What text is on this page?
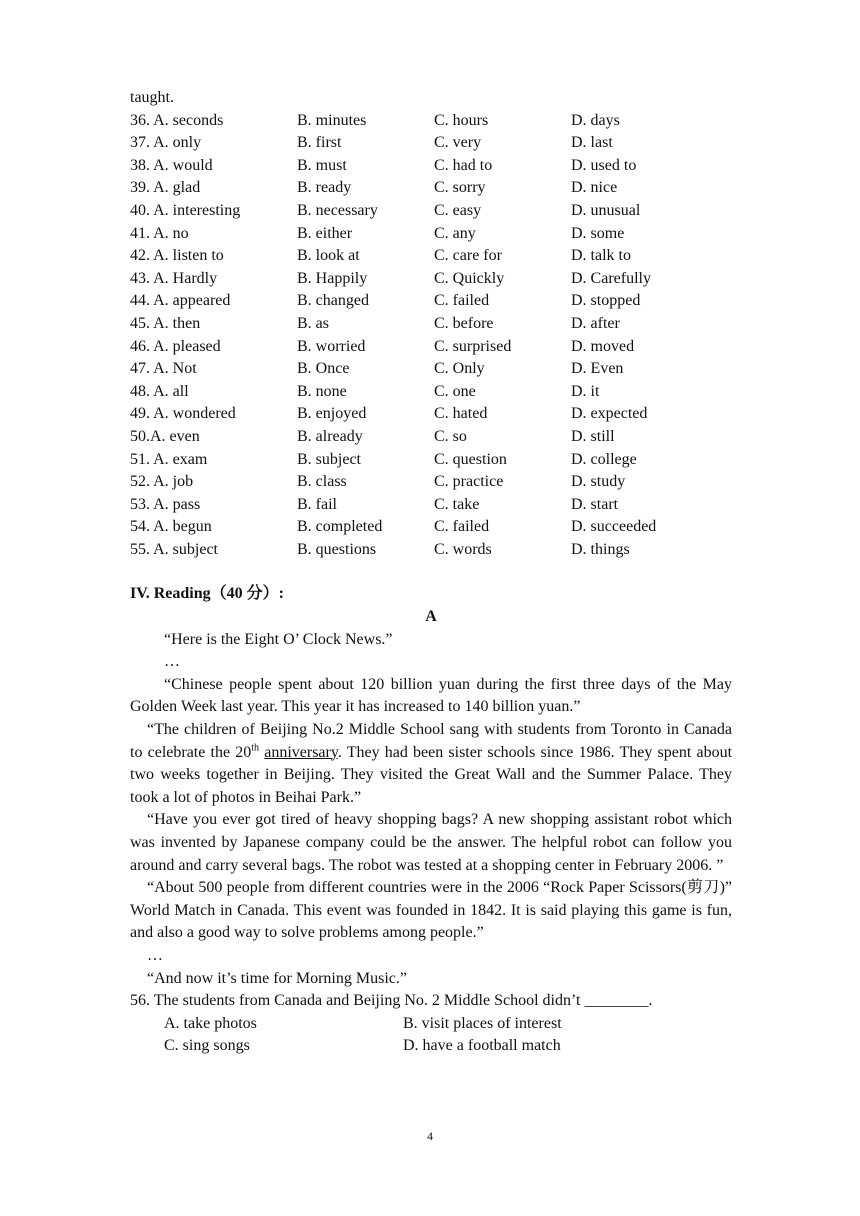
taught.
36. A. seconds	B. minutes	C. hours	D. days
37. A. only	B. first	C. very	D. last
38. A. would	B. must	C. had to	D. used to
39. A. glad	B. ready	C. sorry	D. nice
40. A. interesting	B. necessary	C. easy	D. unusual
41. A. no	B. either	C. any	D. some
42. A. listen to	B. look at	C. care for	D. talk to
43. A. Hardly	B. Happily	C. Quickly	D. Carefully
44. A. appeared	B. changed	C. failed	D. stopped
45. A. then	B. as	C. before	D. after
46. A. pleased	B. worried	C. surprised	D. moved
47. A. Not	B. Once	C. Only	D. Even
48. A. all	B. none	C. one	D. it
49. A. wondered	B. enjoyed	C. hated	D. expected
50.A. even	B. already	C. so	D. still
51. A. exam	B. subject	C. question	D. college
52. A. job	B. class	C. practice	D. study
53. A. pass	B. fail	C. take	D. start
54. A. begun	B. completed	C. failed	D. succeeded
55. A. subject	B. questions	C. words	D. things
IV. Reading（40 分）:
A
“Here is the Eight O’ Clock News.”
…
“Chinese people spent about 120 billion yuan during the first three days of the May Golden Week last year. This year it has increased to 140 billion yuan.”
“The children of Beijing No.2 Middle School sang with students from Toronto in Canada to celebrate the 20th anniversary. They had been sister schools since 1986. They spent about two weeks together in Beijing. They visited the Great Wall and the Summer Palace. They took a lot of photos in Beihai Park.”
“Have you ever got tired of heavy shopping bags? A new shopping assistant robot which was invented by Japanese company could be the answer. The helpful robot can follow you around and carry several bags. The robot was tested at a shopping center in February 2006. ”
“About 500 people from different countries were in the 2006 “Rock Paper Scissors(剪刀)” World Match in Canada. This event was founded in 1842. It is said playing this game is fun, and also a good way to solve problems among people.”
…
“And now it’s time for Morning Music.”
56. The students from Canada and Beijing No. 2 Middle School didn’t ________.
A. take photos	B. visit places of interest
C. sing songs	D. have a football match
4
